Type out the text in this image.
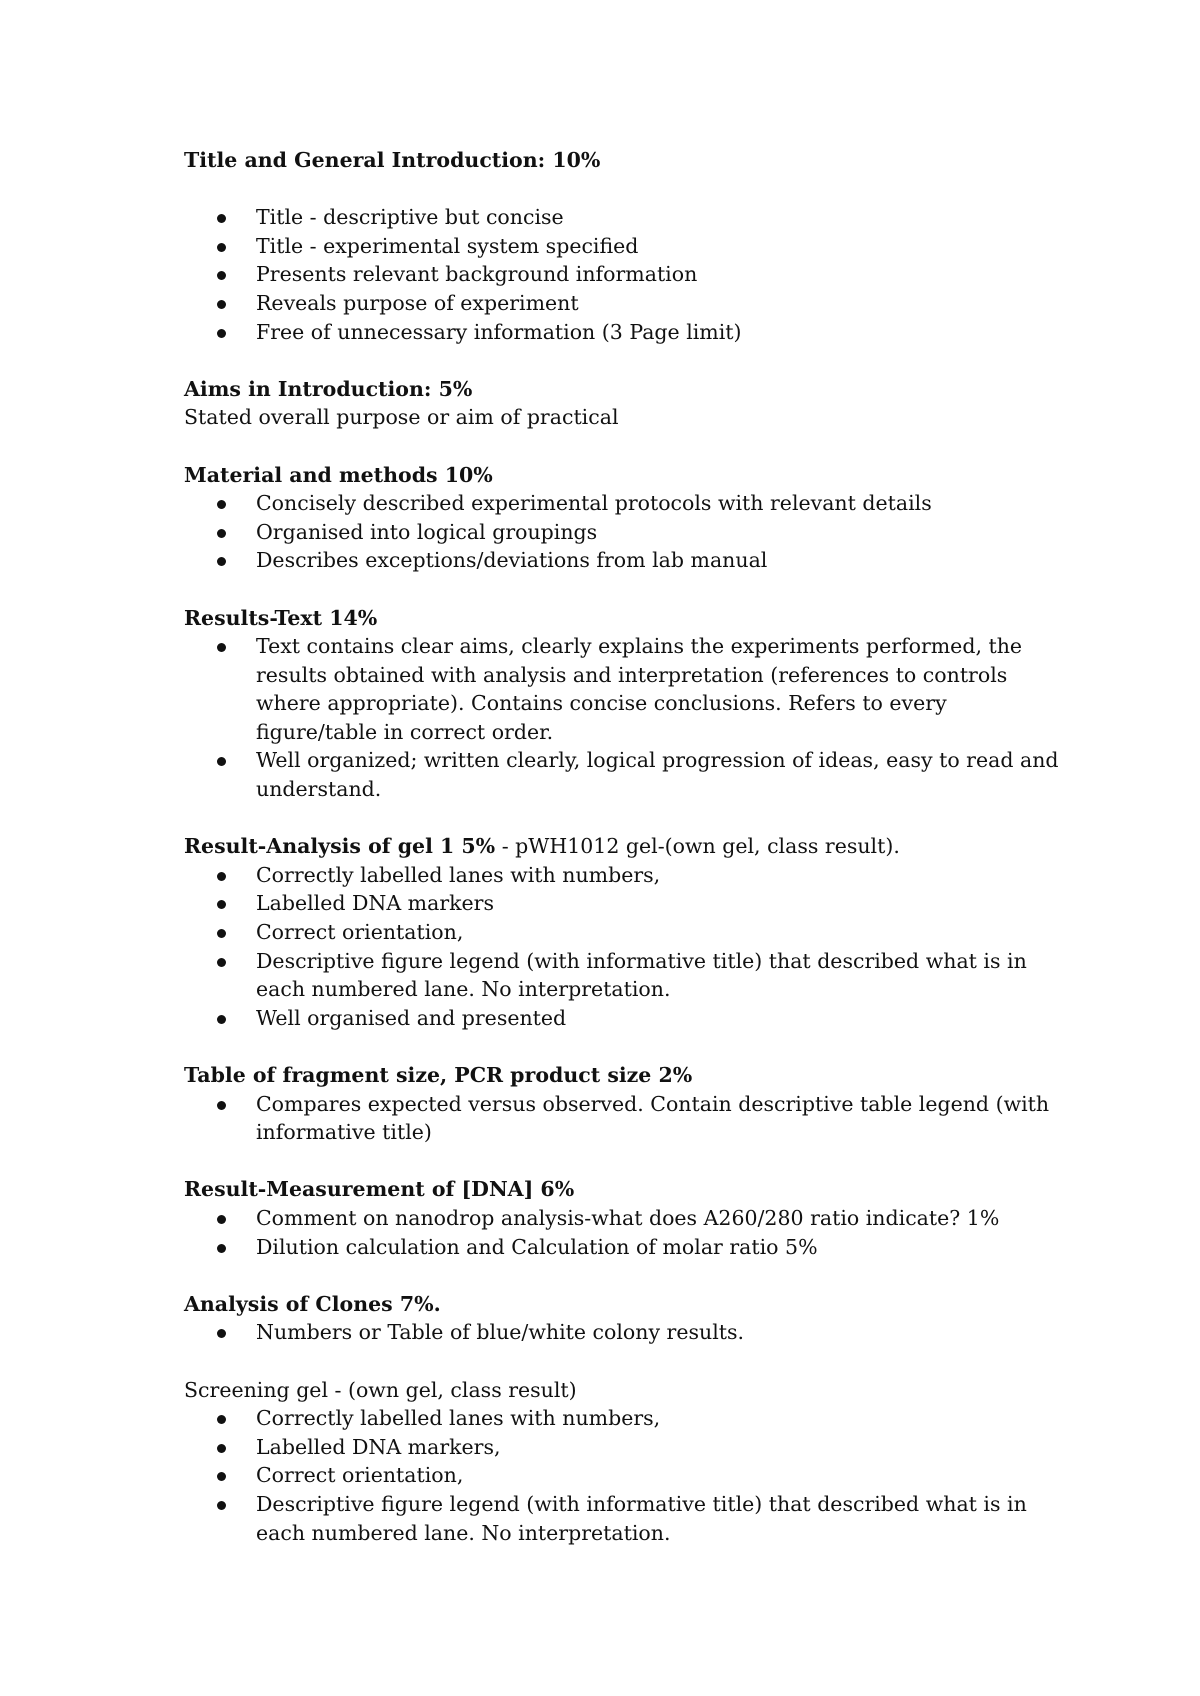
Title and General Introduction: 10%

Title - descriptive but concise
Title - experimental system specified
Presents relevant background information
Reveals purpose of experiment
Free of unnecessary information (3 Page limit)

Aims in Introduction: 5%

Stated overall purpose or aim of practical

Material and methods 10%

Concisely described experimental protocols with relevant details
Organised into logical groupings
Describes exceptions/deviations from lab manual

Results-Text 14%

Text contains clear aims, clearly explains the experiments performed, the results obtained with analysis and interpretation (references to controls where appropriate). Contains concise conclusions. Refers to every figure/table in correct order.
Well organized; written clearly, logical progression of ideas, easy to read and understand.

Result-Analysis of gel 1 5% - pWH1012 gel-(own gel, class result).

Correctly labelled lanes with numbers,
Labelled DNA markers
Correct orientation,
Descriptive figure legend (with informative title) that described what is in each numbered lane. No interpretation.
Well organised and presented

Table of fragment size, PCR product size 2%

Compares expected versus observed. Contain descriptive table legend (with informative title)

Result-Measurement of [DNA] 6%

Comment on nanodrop analysis-what does A260/280 ratio indicate? 1%
Dilution calculation and Calculation of molar ratio 5%

Analysis of Clones 7%.

Numbers or Table of blue/white colony results.

Screening gel - (own gel, class result)

Correctly labelled lanes with numbers,
Labelled DNA markers,
Correct orientation,
Descriptive figure legend (with informative title) that described what is in each numbered lane. No interpretation.
